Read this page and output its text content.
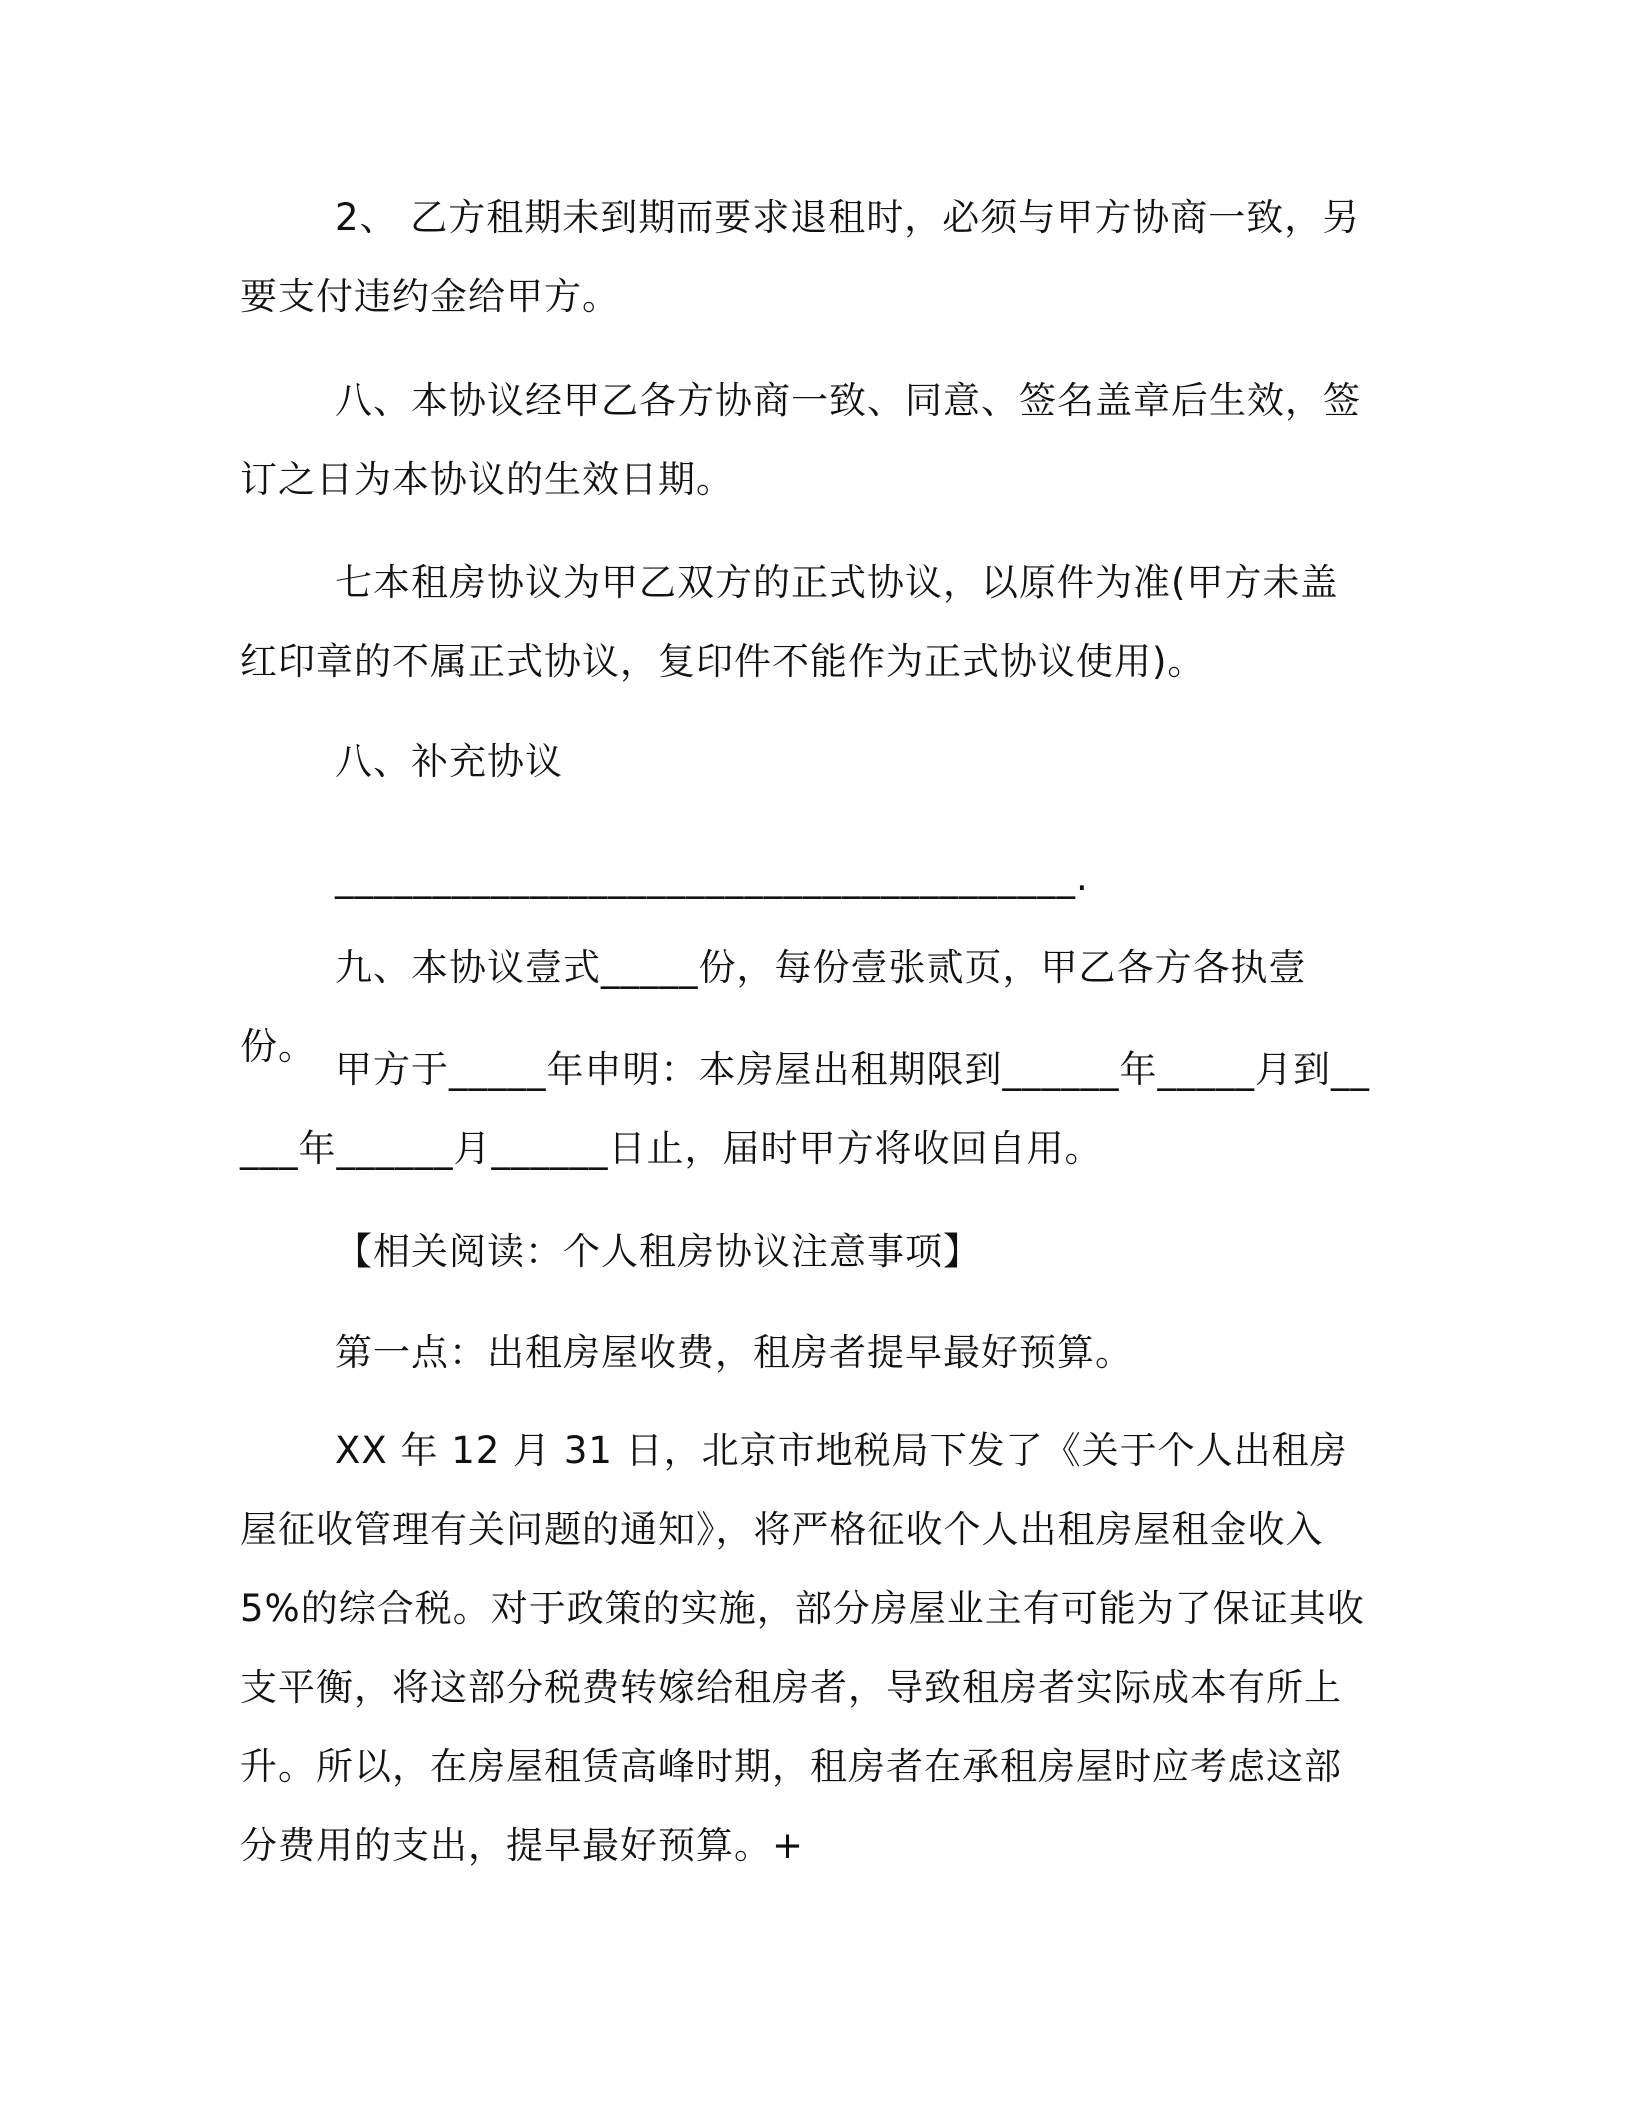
2、 乙方租期未到期而要求退租时，必须与甲方协商一致，另要支付违约金给甲方。

八、本协议经甲乙各方协商一致、同意、签名盖章后生效，签订之日为本协议的生效日期。

七本租房协议为甲乙双方的正式协议，以原件为准(甲方未盖红印章的不属正式协议，复印件不能作为正式协议使用)。

八、补充协议

______________________________________.

九、本协议壹式_____份，每份壹张贰页，甲乙各方各执壹份。

甲方于_____年申明：本房屋出租期限到______年_____月到_____年______月______日止，届时甲方将收回自用。

【相关阅读：个人租房协议注意事项】

第一点：出租房屋收费，租房者提早最好预算。

XX 年 12 月 31 日，北京市地税局下发了《关于个人出租房屋征收管理有关问题的通知》，将严格征收个人出租房屋租金收入 5%的综合税。对于政策的实施，部分房屋业主有可能为了保证其收支平衡，将这部分税费转嫁给租房者，导致租房者实际成本有所上升。所以，在房屋租赁高峰时期，租房者在承租房屋时应考虑这部分费用的支出，提早最好预算。+
